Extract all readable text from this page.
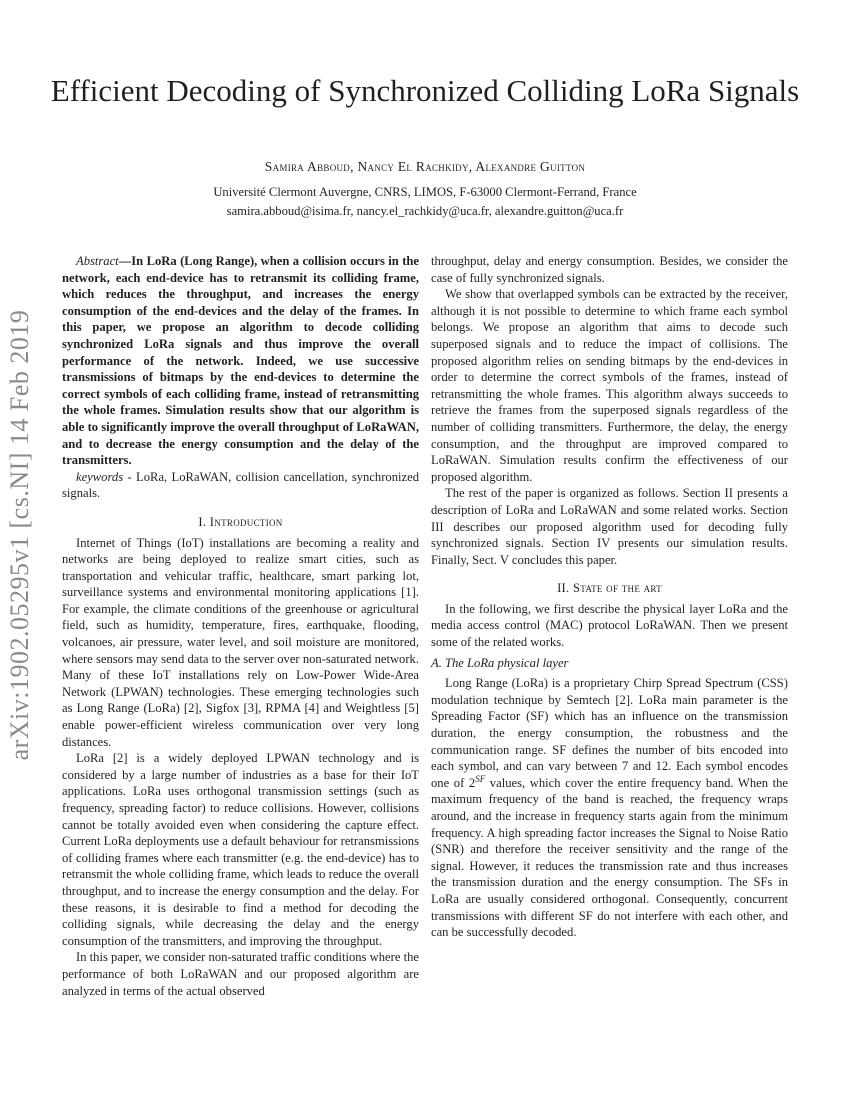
arXiv:1902.05295v1 [cs.NI] 14 Feb 2019
Efficient Decoding of Synchronized Colliding LoRa Signals
Samira Abboud, Nancy El Rachkidy, Alexandre Guitton
Université Clermont Auvergne, CNRS, LIMOS, F-63000 Clermont-Ferrand, France
samira.abboud@isima.fr, nancy.el_rachkidy@uca.fr, alexandre.guitton@uca.fr

Abstract—In LoRa (Long Range), when a collision occurs in the network, each end-device has to retransmit its colliding frame, which reduces the throughput, and increases the energy consumption of the end-devices and the delay of the frames. In this paper, we propose an algorithm to decode colliding synchronized LoRa signals and thus improve the overall performance of the network. Indeed, we use successive transmissions of bitmaps by the end-devices to determine the correct symbols of each colliding frame, instead of retransmitting the whole frames. Simulation results show that our algorithm is able to significantly improve the overall throughput of LoRaWAN, and to decrease the energy consumption and the delay of the transmitters.

keywords - LoRa, LoRaWAN, collision cancellation, synchronized signals.

I. Introduction

Internet of Things (IoT) installations are becoming a reality and networks are being deployed to realize smart cities, such as transportation and vehicular traffic, healthcare, smart parking lot, surveillance systems and environmental monitoring applications [1]. For example, the climate conditions of the greenhouse or agricultural field, such as humidity, temperature, fires, earthquake, flooding, volcanoes, air pressure, water level, and soil moisture are monitored, where sensors may send data to the server over non-saturated network. Many of these IoT installations rely on Low-Power Wide-Area Network (LPWAN) technologies. These emerging technologies such as Long Range (LoRa) [2], Sigfox [3], RPMA [4] and Weightless [5] enable power-efficient wireless communication over very long distances.

LoRa [2] is a widely deployed LPWAN technology and is considered by a large number of industries as a base for their IoT applications. LoRa uses orthogonal transmission settings (such as frequency, spreading factor) to reduce collisions. However, collisions cannot be totally avoided even when considering the capture effect. Current LoRa deployments use a default behaviour for retransmissions of colliding frames where each transmitter (e.g. the end-device) has to retransmit the whole colliding frame, which leads to reduce the overall throughput, and to increase the energy consumption and the delay. For these reasons, it is desirable to find a method for decoding the colliding signals, while decreasing the delay and the energy consumption of the transmitters, and improving the throughput.

In this paper, we consider non-saturated traffic conditions where the performance of both LoRaWAN and our proposed algorithm are analyzed in terms of the actual observed

throughput, delay and energy consumption. Besides, we consider the case of fully synchronized signals.

We show that overlapped symbols can be extracted by the receiver, although it is not possible to determine to which frame each symbol belongs. We propose an algorithm that aims to decode such superposed signals and to reduce the impact of collisions. The proposed algorithm relies on sending bitmaps by the end-devices in order to determine the correct symbols of the frames, instead of retransmitting the whole frames. This algorithm always succeeds to retrieve the frames from the superposed signals regardless of the number of colliding transmitters. Furthermore, the delay, the energy consumption, and the throughput are improved compared to LoRaWAN. Simulation results confirm the effectiveness of our proposed algorithm.

The rest of the paper is organized as follows. Section II presents a description of LoRa and LoRaWAN and some related works. Section III describes our proposed algorithm used for decoding fully synchronized signals. Section IV presents our simulation results. Finally, Sect. V concludes this paper.

II. State of the art

In the following, we first describe the physical layer LoRa and the media access control (MAC) protocol LoRaWAN. Then we present some of the related works.

A. The LoRa physical layer

Long Range (LoRa) is a proprietary Chirp Spread Spectrum (CSS) modulation technique by Semtech [2]. LoRa main parameter is the Spreading Factor (SF) which has an influence on the transmission duration, the energy consumption, the robustness and the communication range. SF defines the number of bits encoded into each symbol, and can vary between 7 and 12. Each symbol encodes one of $2^{SF}$ values, which cover the entire frequency band. When the maximum frequency of the band is reached, the frequency wraps around, and the increase in frequency starts again from the minimum frequency. A high spreading factor increases the Signal to Noise Ratio (SNR) and therefore the receiver sensitivity and the range of the signal. However, it reduces the transmission rate and thus increases the transmission duration and the energy consumption. The SFs in LoRa are usually considered orthogonal. Consequently, concurrent transmissions with different SF do not interfere with each other, and can be successfully decoded.
